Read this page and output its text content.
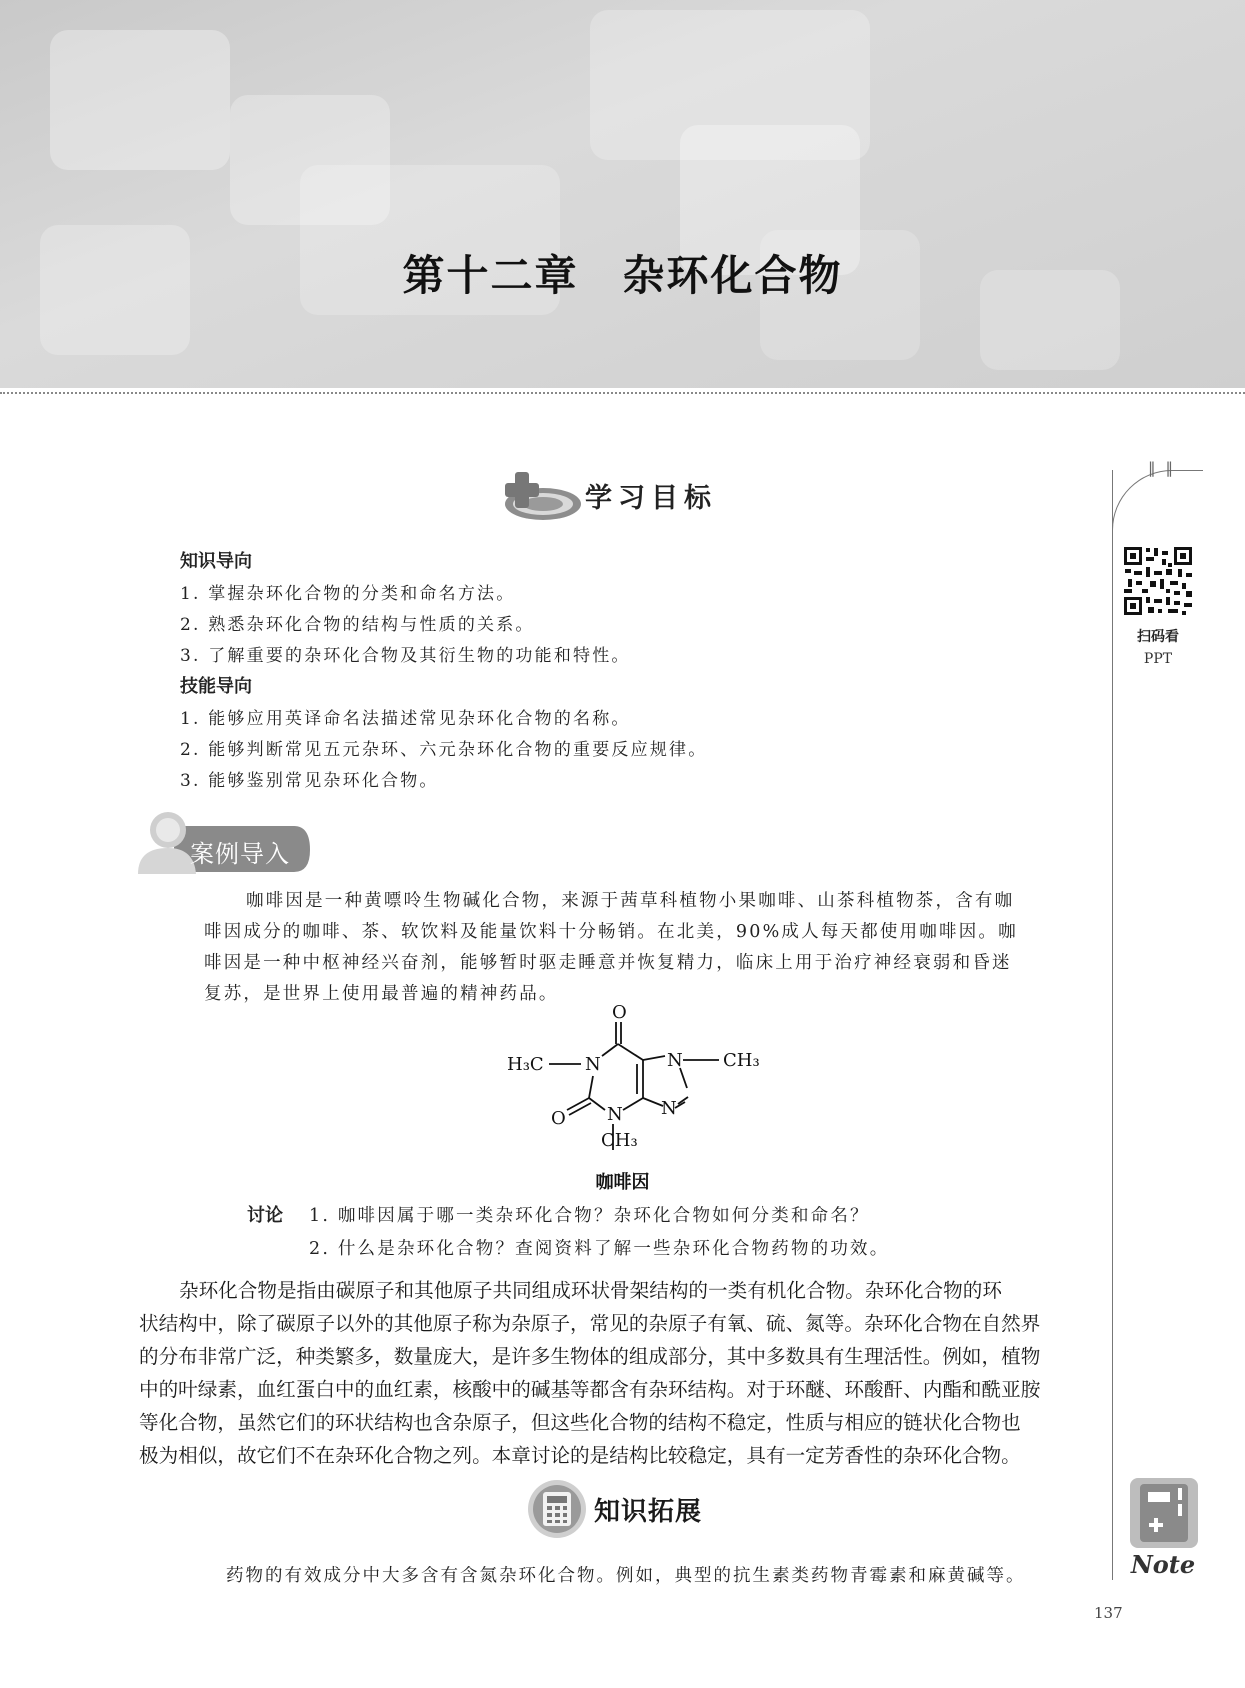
第十二章　杂环化合物
‖‖
扫码看
PPT
Note
137
学习目标
知识导向
1. 掌握杂环化合物的分类和命名方法。
2. 熟悉杂环化合物的结构与性质的关系。
3. 了解重要的杂环化合物及其衍生物的功能和特性。
技能导向
1. 能够应用英译命名法描述常见杂环化合物的名称。
2. 能够判断常见五元杂环、六元杂环化合物的重要反应规律。
3. 能够鉴别常见杂环化合物。
案例导入
咖啡因是一种黄嘌呤生物碱化合物，来源于茜草科植物小果咖啡、山茶科植物茶，含有咖
啡因成分的咖啡、茶、软饮料及能量饮料十分畅销。在北美，90%成人每天都使用咖啡因。咖
啡因是一种中枢神经兴奋剂，能够暂时驱走睡意并恢复精力，临床上用于治疗神经衰弱和昏迷
复苏，是世界上使用最普遍的精神药品。
O
H₃C N	N CH₃
O N N
CH₃
咖啡因
讨论 1. 咖啡因属于哪一类杂环化合物？杂环化合物如何分类和命名？
2. 什么是杂环化合物？查阅资料了解一些杂环化合物药物的功效。
杂环化合物是指由碳原子和其他原子共同组成环状骨架结构的一类有机化合物。杂环化合物的环
状结构中，除了碳原子以外的其他原子称为杂原子，常见的杂原子有氧、硫、氮等。杂环化合物在自然界
的分布非常广泛，种类繁多，数量庞大，是许多生物体的组成部分，其中多数具有生理活性。例如，植物
中的叶绿素，血红蛋白中的血红素，核酸中的碱基等都含有杂环结构。对于环醚、环酸酐、内酯和酰亚胺
等化合物，虽然它们的环状结构也含杂原子，但这些化合物的结构不稳定，性质与相应的链状化合物也
极为相似，故它们不在杂环化合物之列。本章讨论的是结构比较稳定，具有一定芳香性的杂环化合物。
知识拓展
药物的有效成分中大多含有含氮杂环化合物。例如，典型的抗生素类药物青霉素和麻黄碱等。
